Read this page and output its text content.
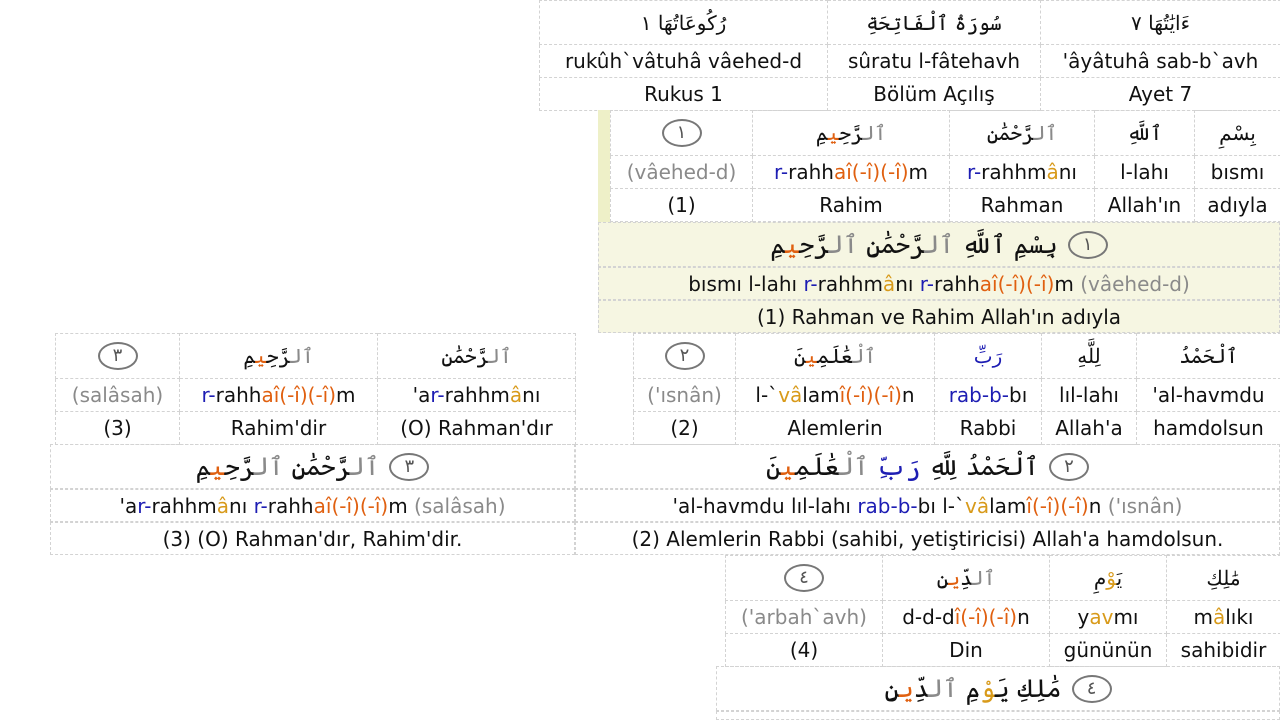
رُكُوعَاتُهَا ١	سُورَةُ ٱلْفَاتِحَةِ	ءَايَٰتُهَا ٧
rukûh`vâtuhâ vâehed-d	sûratu l-fâtehavh	'âyâtuhâ sab-b`avh
Rukus 1	Bölüm Açılış	Ayet 7
١	ٱلرَّحِيمِ	ٱلرَّحْمَٰنِ	ٱللَّهِ	بِسْمِ
(vâehed-d)	r-rahhaî(-î)(-î)m	r-rahhmânı	l-lahı	bısmı
(1)	Rahim	Rahman	Allah'ın	adıyla
بِسْمِ ٱللَّهِ ٱلرَّحْمَٰنِ ٱلرَّحِيمِ	١
bısmı l-lahı r-rahhmânı r-rahhaî(-î)(-î)m (vâehed-d)
(1) Rahman ve Rahim Allah'ın adıyla
٣	ٱلرَّحِيمِ	ٱلرَّحْمَٰنِ
(salâsah)	r-rahhaî(-î)(-î)m	'ar-rahhmânı
(3)	Rahim'dir	(O) Rahman'dır
٢	ٱلْعَٰلَمِينَ	رَبِّ	لِلَّهِ	ٱلْحَمْدُ
('ısnân)	l-`vâlamî(-î)(-î)n	rab-b-bı	lıl-lahı	'al-havmdu
(2)	Alemlerin	Rabbi	Allah'a	hamdolsun
ٱلرَّحْمَٰنِ ٱلرَّحِيمِ	٣
'ar-rahhmânı r-rahhaî(-î)(-î)m (salâsah)
(3) (O) Rahman'dır, Rahim'dir.
ٱلْحَمْدُ لِلَّهِ رَبِّ ٱلْعَٰلَمِينَ	٢
'al-havmdu lıl-lahı rab-b-bı l-`vâlamî(-î)(-î)n ('ısnân)
(2) Alemlerin Rabbi (sahibi, yetiştiricisi) Allah'a hamdolsun.
٤	ٱلدِّينِ	يَوْمِ	مَٰلِكِ
('arbah`avh)	d-d-dî(-î)(-î)n	yavmı	mâlıkı
(4)	Din	gününün	sahibidir
مَٰلِكِ يَوْمِ ٱلدِّينِ	٤
